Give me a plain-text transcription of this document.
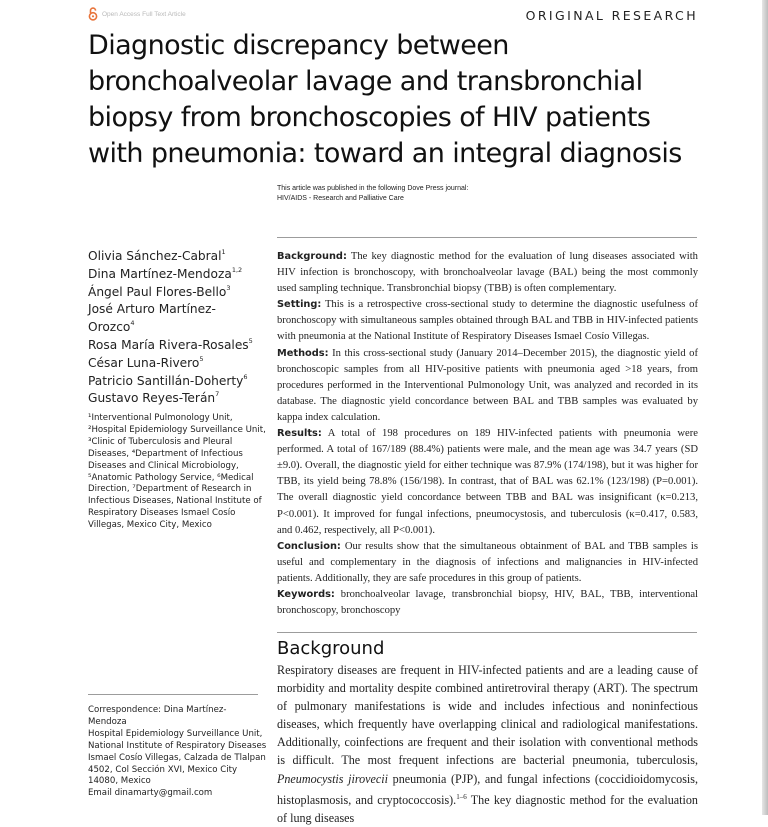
Open Access Full Text Article	ORIGINAL RESEARCH
Diagnostic discrepancy between bronchoalveolar lavage and transbronchial biopsy from bronchoscopies of HIV patients with pneumonia: toward an integral diagnosis
This article was published in the following Dove Press journal:
HIV/AIDS - Research and Palliative Care
Olivia Sánchez-Cabral$^1$
Dina Martínez-Mendoza$^{1,2}$
Ángel Paul Flores-Bello$^3$
José Arturo Martínez-Orozco$^4$
Rosa María Rivera-Rosales$^5$
César Luna-Rivero$^5$
Patricio Santillán-Doherty$^6$
Gustavo Reyes-Terán$^7$

¹Interventional Pulmonology Unit, ²Hospital Epidemiology Surveillance Unit, ³Clinic of Tuberculosis and Pleural Diseases, ⁴Department of Infectious Diseases and Clinical Microbiology, ⁵Anatomic Pathology Service, ⁶Medical Direction, ⁷Department of Research in Infectious Diseases, National Institute of Respiratory Diseases Ismael Cosío Villegas, Mexico City, Mexico

Correspondence: Dina Martínez-
Mendoza
Hospital Epidemiology Surveillance Unit,
National Institute of Respiratory Diseases
Ismael Cosío Villegas, Calzada de Tlalpan
4502, Col Sección XVI, Mexico City
14080, Mexico
Email dinamarty@gmail.com

Background: The key diagnostic method for the evaluation of lung diseases associated with HIV infection is bronchoscopy, with bronchoalveolar lavage (BAL) being the most commonly used sampling technique. Transbronchial biopsy (TBB) is often complementary.

Setting: This is a retrospective cross-sectional study to determine the diagnostic usefulness of bronchoscopy with simultaneous samples obtained through BAL and TBB in HIV-infected patients with pneumonia at the National Institute of Respiratory Diseases Ismael Cosío Villegas.

Methods: In this cross-sectional study (January 2014–December 2015), the diagnostic yield of bronchoscopic samples from all HIV-positive patients with pneumonia aged >18 years, from procedures performed in the Interventional Pulmonology Unit, was analyzed and recorded in its database. The diagnostic yield concordance between BAL and TBB samples was evaluated by kappa index calculation.

Results: A total of 198 procedures on 189 HIV-infected patients with pneumonia were performed. A total of 167/189 (88.4%) patients were male, and the mean age was 34.7 years (SD ±9.0). Overall, the diagnostic yield for either technique was 87.9% (174/198), but it was higher for TBB, its yield being 78.8% (156/198). In contrast, that of BAL was 62.1% (123/198) (P=0.001). The overall diagnostic yield concordance between TBB and BAL was insignificant (κ=0.213, P<0.001). It improved for fungal infections, pneumocystosis, and tuberculosis (κ=0.417, 0.583, and 0.462, respectively, all P<0.001).

Conclusion: Our results show that the simultaneous obtainment of BAL and TBB samples is useful and complementary in the diagnosis of infections and malignancies in HIV-infected patients. Additionally, they are safe procedures in this group of patients.

Keywords: bronchoalveolar lavage, transbronchial biopsy, HIV, BAL, TBB, interventional bronchoscopy, bronchoscopy

Background

Respiratory diseases are frequent in HIV-infected patients and are a leading cause of morbidity and mortality despite combined antiretroviral therapy (ART). The spectrum of pulmonary manifestations is wide and includes infectious and noninfectious diseases, which frequently have overlapping clinical and radiological manifestations. Additionally, coinfections are frequent and their isolation with conventional methods is difficult. The most frequent infections are bacterial pneumonia, tuberculosis, Pneumocystis jirovecii pneumonia (PJP), and fungal infections (coccidioidomycosis, histoplasmosis, and cryptococcosis).$^{1-6}$ The key diagnostic method for the evaluation of lung diseases
